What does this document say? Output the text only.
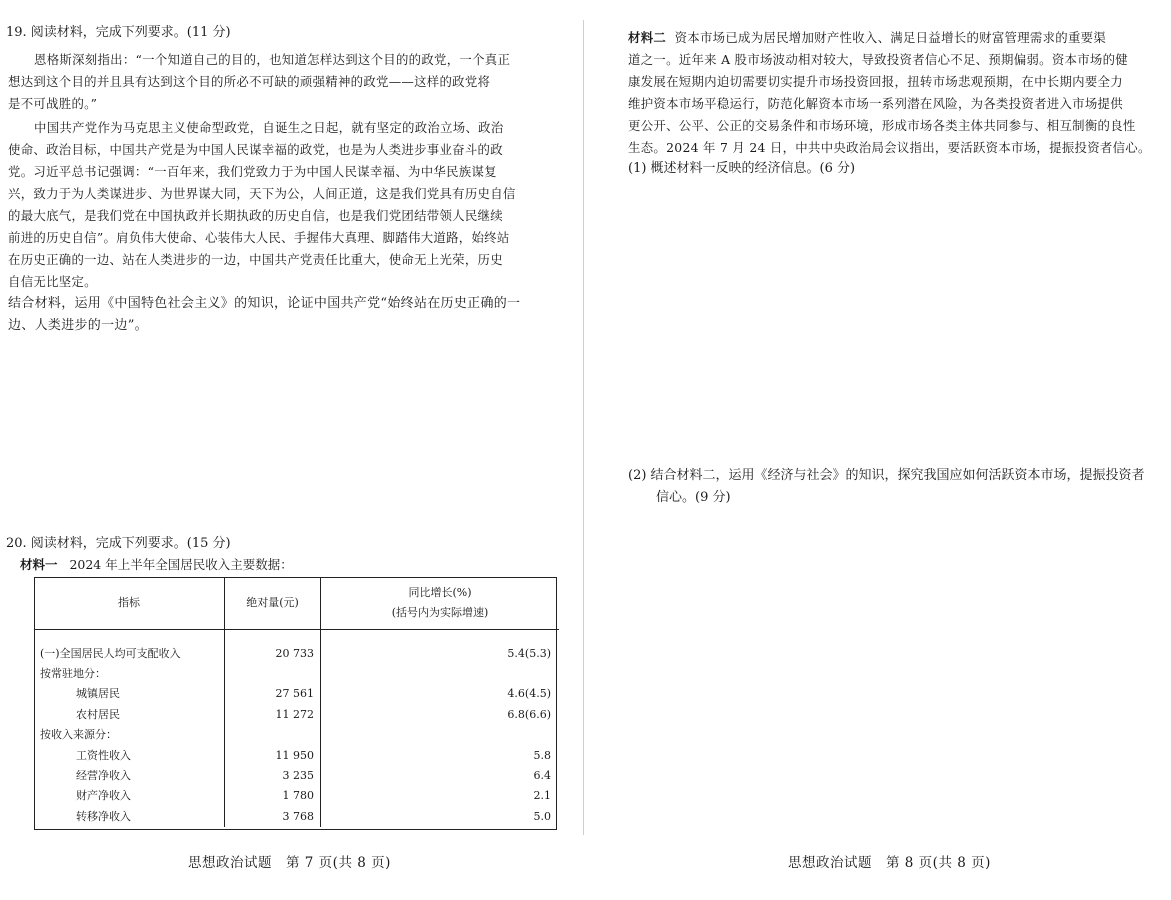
19. 阅读材料，完成下列要求。(11 分)
恩格斯深刻指出：“一个知道自己的目的，也知道怎样达到这个目的的政党，一个真正
想达到这个目的并且具有达到这个目的所必不可缺的顽强精神的政党——这样的政党将
是不可战胜的。”
中国共产党作为马克思主义使命型政党，自诞生之日起，就有坚定的政治立场、政治
使命、政治目标，中国共产党是为中国人民谋幸福的政党，也是为人类进步事业奋斗的政
党。习近平总书记强调：“一百年来，我们党致力于为中国人民谋幸福、为中华民族谋复
兴，致力于为人类谋进步、为世界谋大同，天下为公，人间正道，这是我们党具有历史自信
的最大底气，是我们党在中国执政并长期执政的历史自信，也是我们党团结带领人民继续
前进的历史自信”。肩负伟大使命、心装伟大人民、手握伟大真理、脚踏伟大道路，始终站
在历史正确的一边、站在人类进步的一边，中国共产党责任比重大，使命无上光荣，历史
自信无比坚定。
结合材料，运用《中国特色社会主义》的知识，论证中国共产党“始终站在历史正确的一
边、人类进步的一边”。
20. 阅读材料，完成下列要求。(15 分)
材料一 2024 年上半年全国居民收入主要数据：
指标	绝对量(元)	同比增长(%)
(括号内为实际增速)

(一)全国居民人均可支配收入	20 733	5.4(5.3)
按常驻地分：		
城镇居民	27 561	4.6(4.5)
农村居民	11 272	6.8(6.6)
按收入来源分：		
工资性收入	11 950	5.8
经营净收入	3 235	6.4
财产净收入	1 780	2.1
转移净收入	3 768	5.0
思想政治试题　第 7 页(共 8 页)
材料二 资本市场已成为居民增加财产性收入、满足日益增长的财富管理需求的重要渠
道之一。近年来 A 股市场波动相对较大，导致投资者信心不足、预期偏弱。资本市场的健
康发展在短期内迫切需要切实提升市场投资回报，扭转市场悲观预期，在中长期内要全力
维护资本市场平稳运行，防范化解资本市场一系列潜在风险，为各类投资者进入市场提供
更公开、公平、公正的交易条件和市场环境，形成市场各类主体共同参与、相互制衡的良性
生态。2024 年 7 月 24 日，中共中央政治局会议指出，要活跃资本市场，提振投资者信心。
(1) 概述材料一反映的经济信息。(6 分)
(2) 结合材料二，运用《经济与社会》的知识，探究我国应如何活跃资本市场，提振投资者
信心。(9 分)
思想政治试题　第 8 页(共 8 页)
